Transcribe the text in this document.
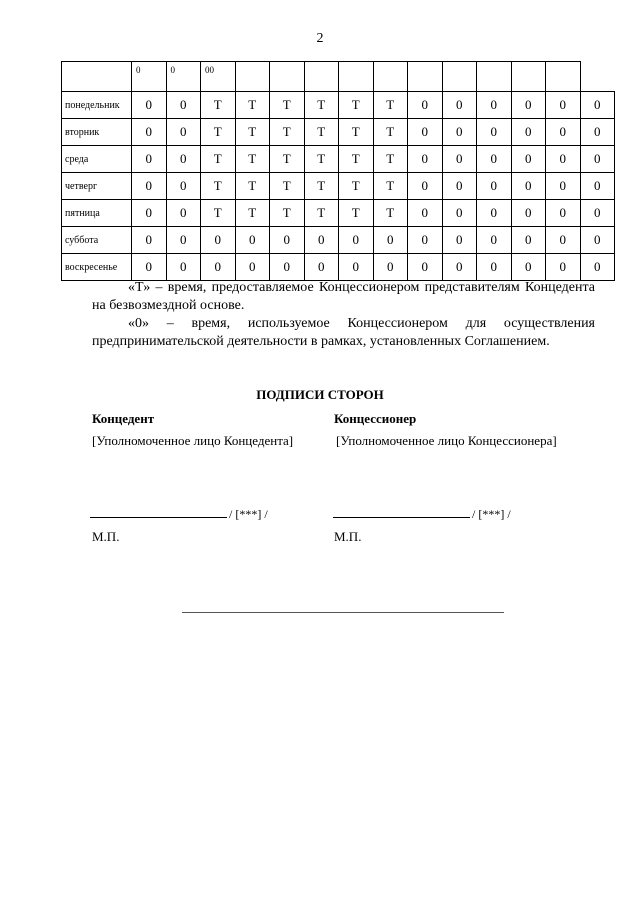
2
	0	0	00											
понедельник	0	0	Т	Т	Т	Т	Т	Т	0	0	0	0	0	0
вторник	0	0	Т	Т	Т	Т	Т	Т	0	0	0	0	0	0
среда	0	0	Т	Т	Т	Т	Т	Т	0	0	0	0	0	0
четверг	0	0	Т	Т	Т	Т	Т	Т	0	0	0	0	0	0
пятница	0	0	Т	Т	Т	Т	Т	Т	0	0	0	0	0	0
суббота	0	0	0	0	0	0	0	0	0	0	0	0	0	0
воскресенье	0	0	0	0	0	0	0	0	0	0	0	0	0	0
«Т» – время, предоставляемое Концессионером представителям Концедента на безвозмездной основе.
«0» – время, используемое Концессионером для осуществления предпринимательской деятельности в рамках, установленных Соглашением.
ПОДПИСИ СТОРОН
Концедент	Концессионер
[Уполномоченное лицо Концедента]	[Уполномоченное лицо Концессионера]
/ [***] /	/ [***] /
М.П.	М.П.
